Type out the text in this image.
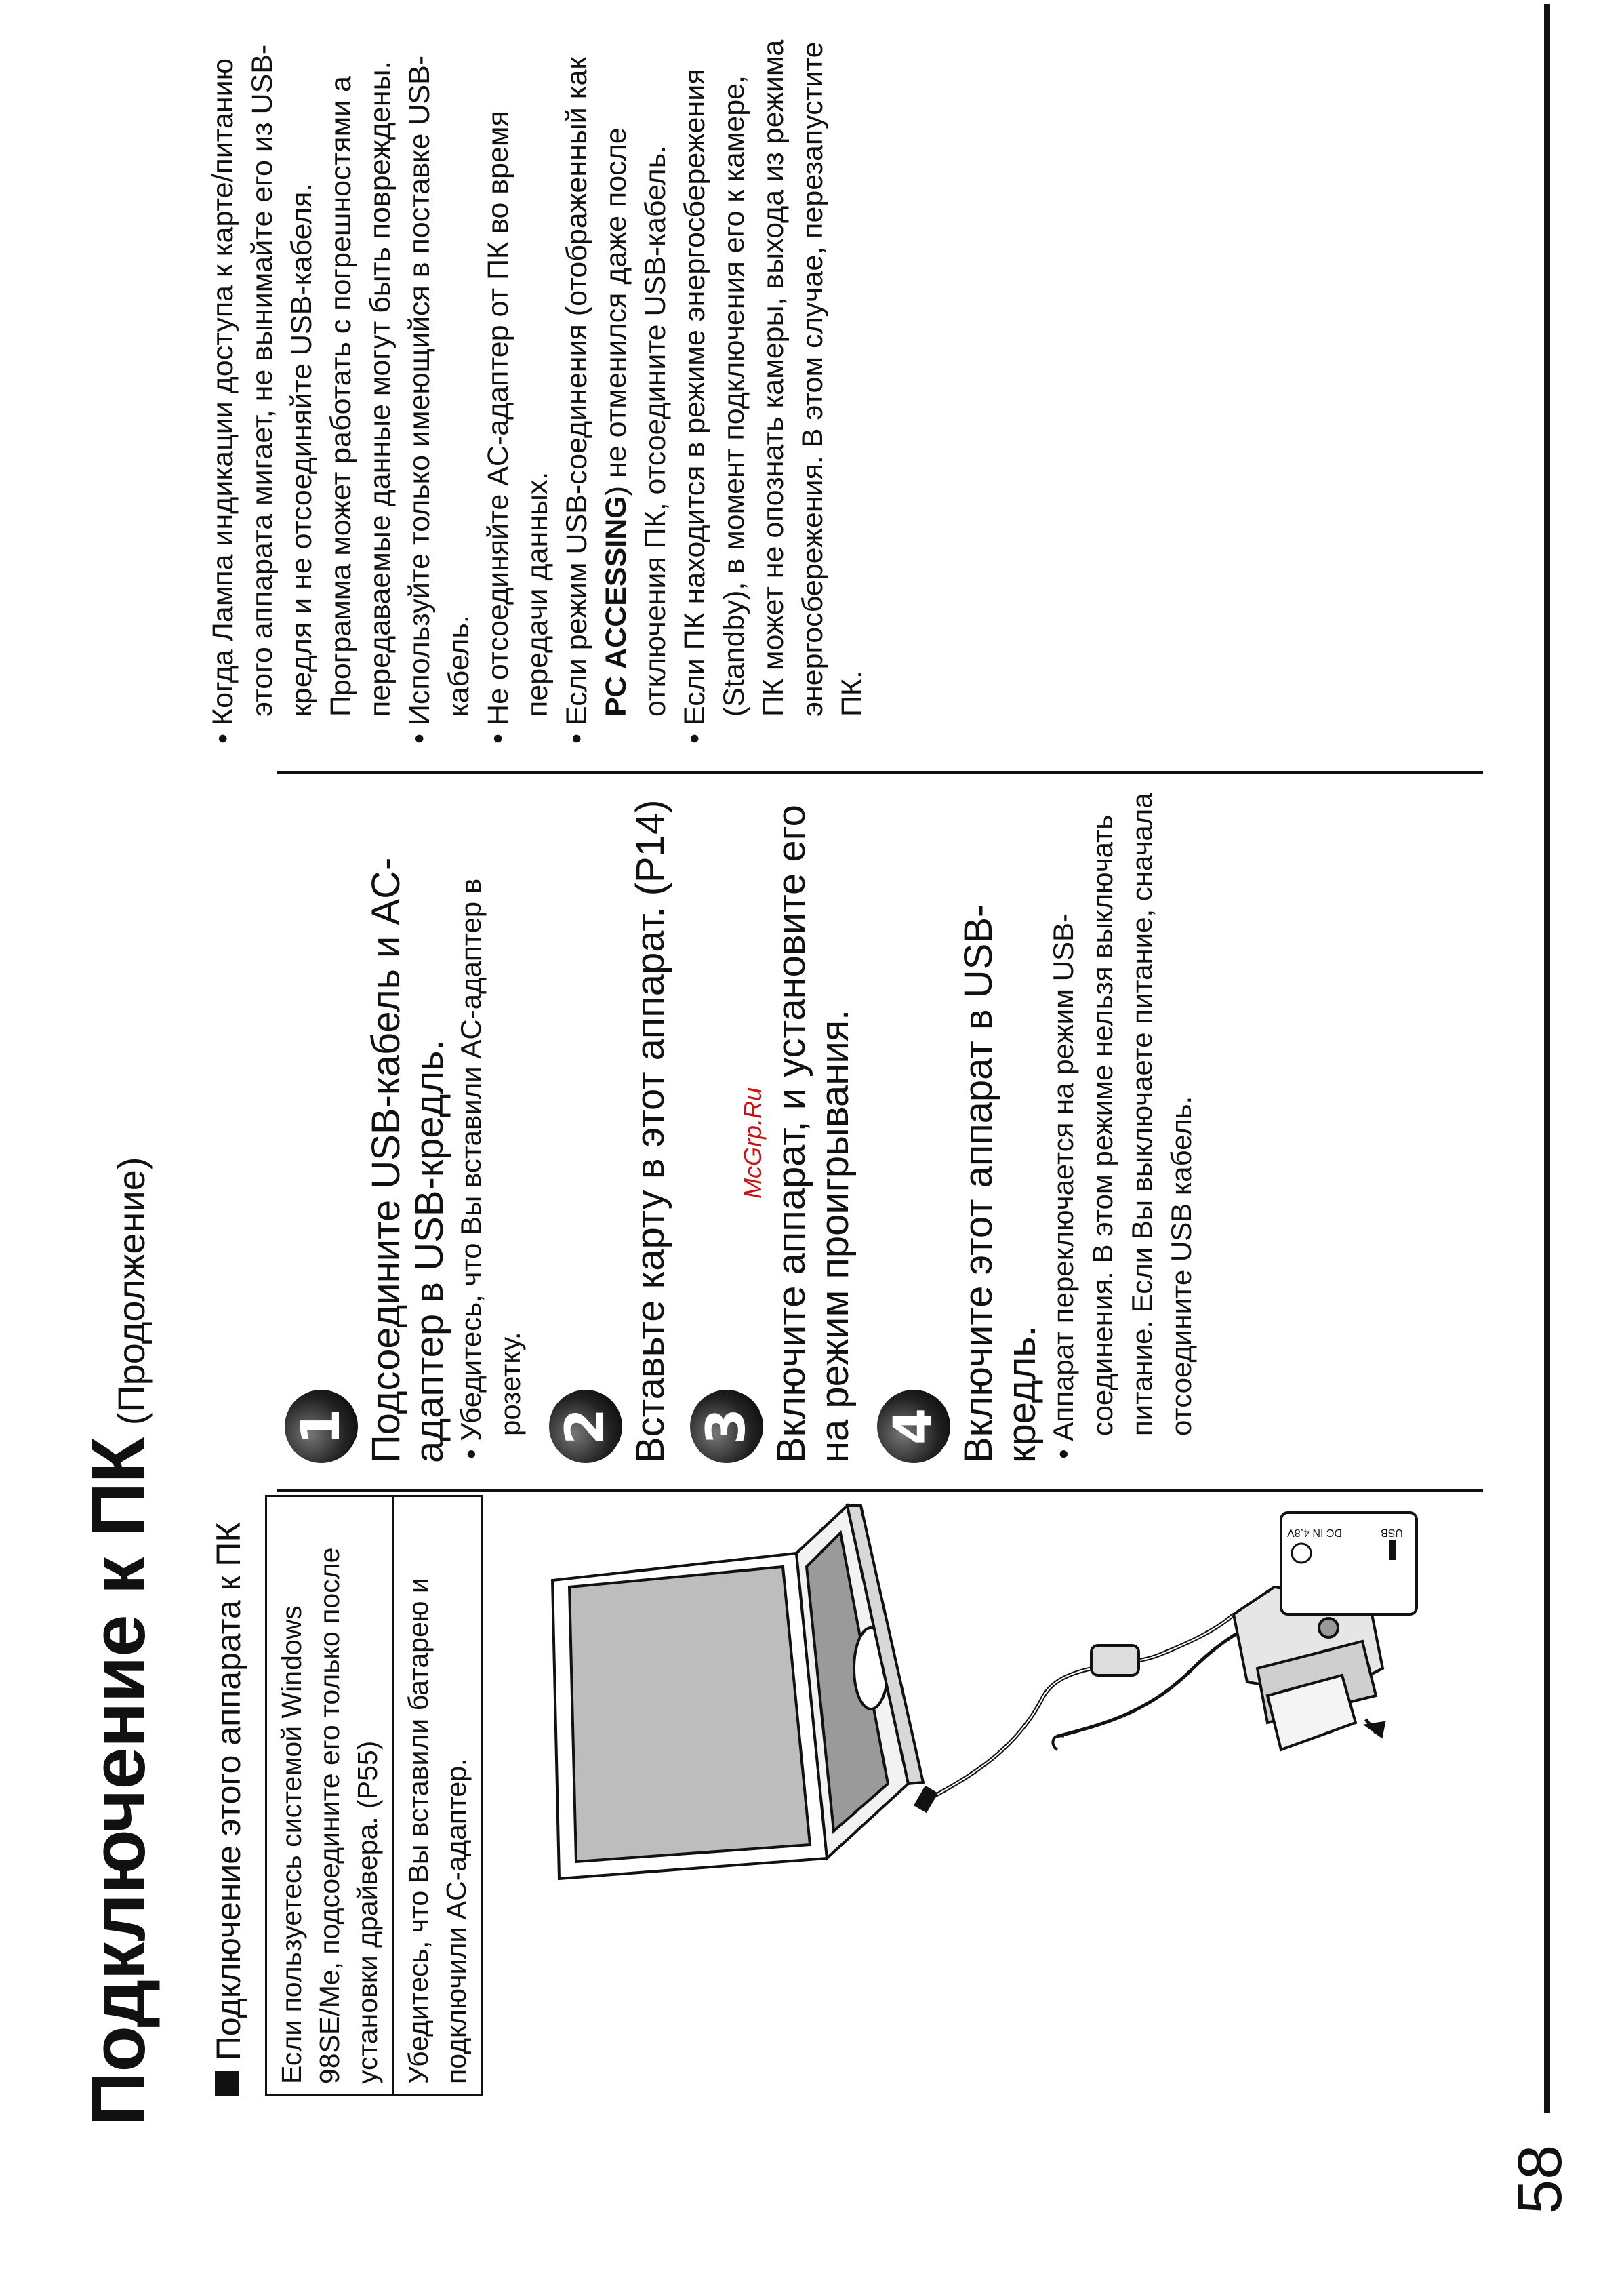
Подключение к ПК(Продолжение)
McGrp.Ru
Подключение этого аппарата к ПК	Если пользуетесь системой Windows 98SE/Me, подсоедините его только после установки драйвера. (P55) Убедитесь, что Вы вставили батарею и подключили AC-адаптер.
USB
DC IN 4.8V
1 Подсоедините USB-кабель и AC-адаптер в USB-кредль. • Убедитесь, что Вы вставили AC-адаптер в розетку. 2 Вставьте карту в этот аппарат. (P14) 3 Включите аппарат, и установите его на режим проигрывания. 4 Включите этот аппарат в USB-кредль. • Аппарат переключается на режим USB-соединения. В этом режиме нельзя выключать питание. Если Вы выключаете питание, сначала отсоедините USB кабель.
• Когда Лампа индикации доступа к карте/питанию этого аппарата мигает, не вынимайте его из USB-кредля и не отсоединяйте USB-кабеля. Программа может работать с погрешностями а передаваемые данные могут быть повреждены. • Используйте только имеющийся в поставке USB-кабель. • Не отсоединяйте AC-адаптер от ПК во время передачи данных. • Если режим USB-соединения (отображенный как PC ACCESSING) не отменился даже после отключения ПК, отсоедините USB-кабель. • Если ПК находится в режиме энергосбережения (Standby), в момент подключения его к камере, ПК может не опознать камеры, выхода из режима энергосбережения. В этом случае, перезапустите ПК.
58
